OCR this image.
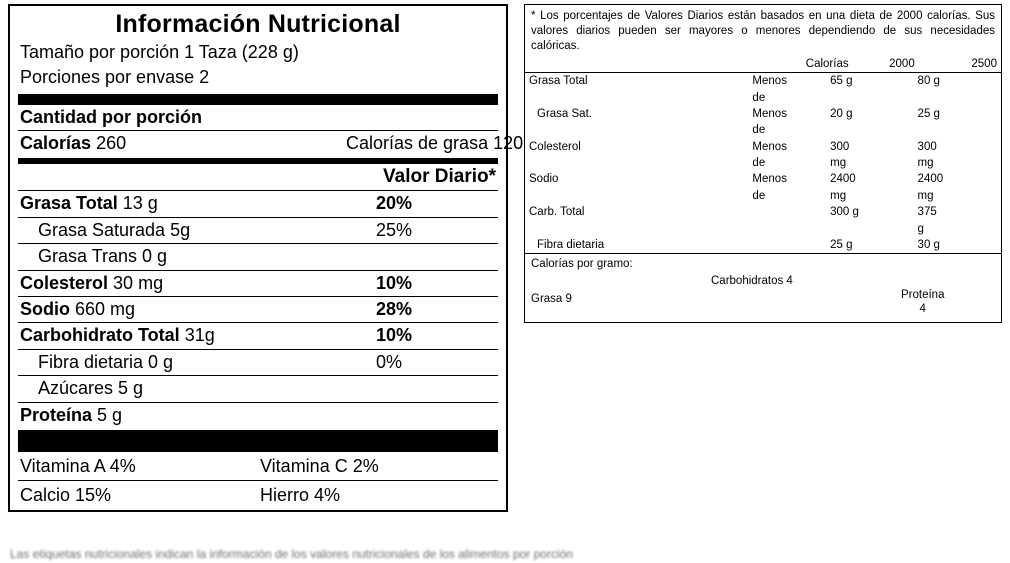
Información Nutricional
Tamaño por porción 1 Taza (228 g)
Porciones por envase 2
Cantidad por porción
Calorías 260	Calorías de grasa 120
Valor Diario*
Grasa Total 13 g	20%
Grasa Saturada 5g	25%
Grasa Trans 0 g
Colesterol 30 mg	10%
Sodio 660 mg	28%
Carbohidrato Total 31g	10%
Fibra dietaria 0 g	0%
Azúcares 5 g
Proteína 5 g
Vitamina A 4%	Vitamina C 2%
Calcio 15%	Hierro 4%
* Los porcentajes de Valores Diarios están basados en una dieta de 2000 calorías. Sus valores diarios pueden ser mayores o menores dependiendo de sus necesidades calóricas.
		Calorías	2000	2500
Grasa Total	Menos	65 g	80 g
	de		
Grasa Sat.	Menos	20 g	25 g
	de		
Colesterol	Menos	300	300
	de	mg	mg
Sodio	Menos	2400	2400
	de	mg	mg
Carb. Total		300 g	375
			g
Fibra dietaria		25 g	30 g
Calorías por gramo:
Carbohidratos 4
Grasa 9	Proteína
4
Las etiquetas nutricionales indican la información de los valores nutricionales de los alimentos por porción
